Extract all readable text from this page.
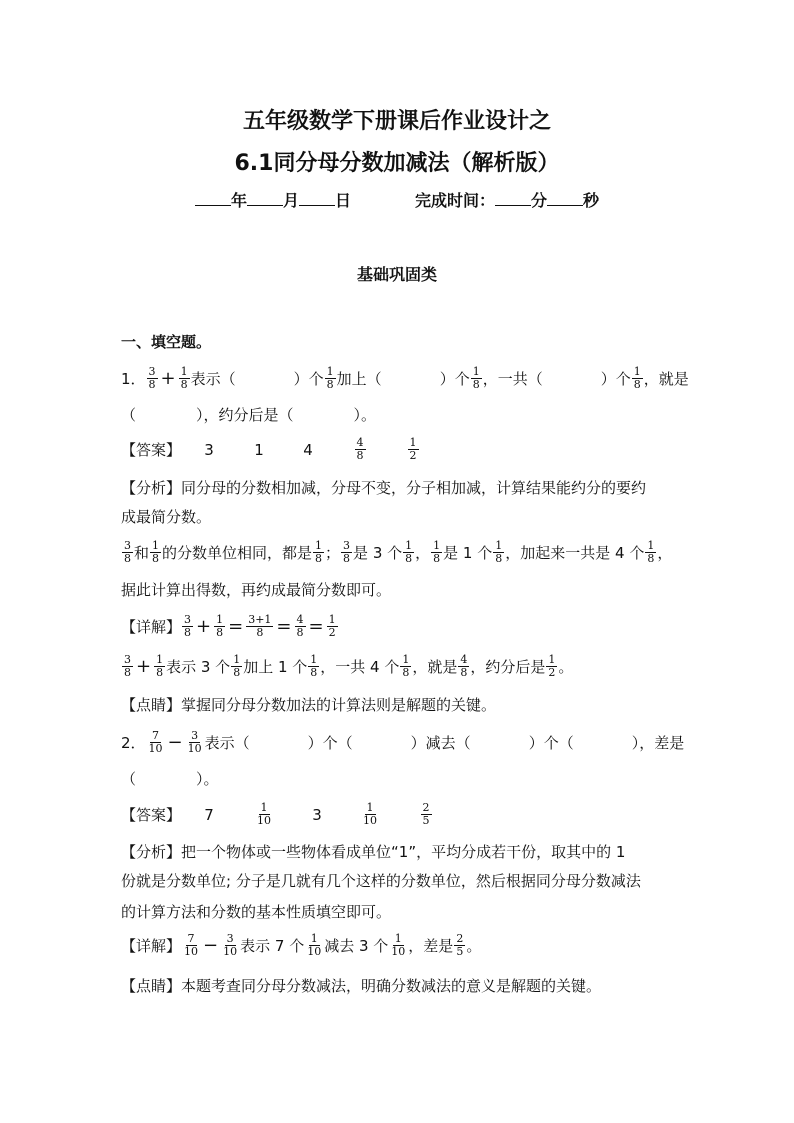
五年级数学下册课后作业设计之
6.1同分母分数加减法（解析版）
年 月 日	完成时间： 分 秒
基础巩固类
一、填空题。
1． $\frac{3}{8} + \frac{1}{8}$ 表示（	）个 $\frac{1}{8}$ 加上（	）个 $\frac{1}{8}$ ，一共（	）个 $\frac{1}{8}$ ，就是
（　　　　），约分后是（　　　　）。
【答案】 3	1	4	$\frac{4}{8}$	$\frac{1}{2}$
【分析】同分母的分数相加减，分母不变，分子相加减，计算结果能约分的要约
成最简分数。
$\frac{3}{8}$ 和 $\frac{1}{8}$ 的分数单位相同，都是 $\frac{1}{8}$ ； $\frac{3}{8}$ 是 3 个 $\frac{1}{8}$ ， $\frac{1}{8}$ 是 1 个 $\frac{1}{8}$ ，加起来一共是 4 个 $\frac{1}{8}$ ，
据此计算出得数，再约成最简分数即可。
【详解】 $\frac{3}{8} + \frac{1}{8} = \frac{3+1}{8} = \frac{4}{8} = \frac{1}{2}$
$\frac{3}{8} + \frac{1}{8}$ 表示 3 个 $\frac{1}{8}$ 加上 1 个 $\frac{1}{8}$ ，一共 4 个 $\frac{1}{8}$ ，就是 $\frac{4}{8}$ ，约分后是 $\frac{1}{2}$ 。
【点睛】掌握同分母分数加法的计算法则是解题的关键。
2． $\frac{7}{10} - \frac{3}{10}$ 表示（	）个（	）减去（	）个（	），差是
（　　　　）。
【答案】 7	$\frac{1}{10}$	3	$\frac{1}{10}$	$\frac{2}{5}$
【分析】把一个物体或一些物体看成单位“1”，平均分成若干份，取其中的 1
份就是分数单位; 分子是几就有几个这样的分数单位，然后根据同分母分数减法
的计算方法和分数的基本性质填空即可。
【详解】 $\frac{7}{10} - \frac{3}{10}$ 表示 7 个 $\frac{1}{10}$ 减去 3 个 $\frac{1}{10}$ ，差是 $\frac{2}{5}$ 。
【点睛】本题考查同分母分数减法，明确分数减法的意义是解题的关键。
